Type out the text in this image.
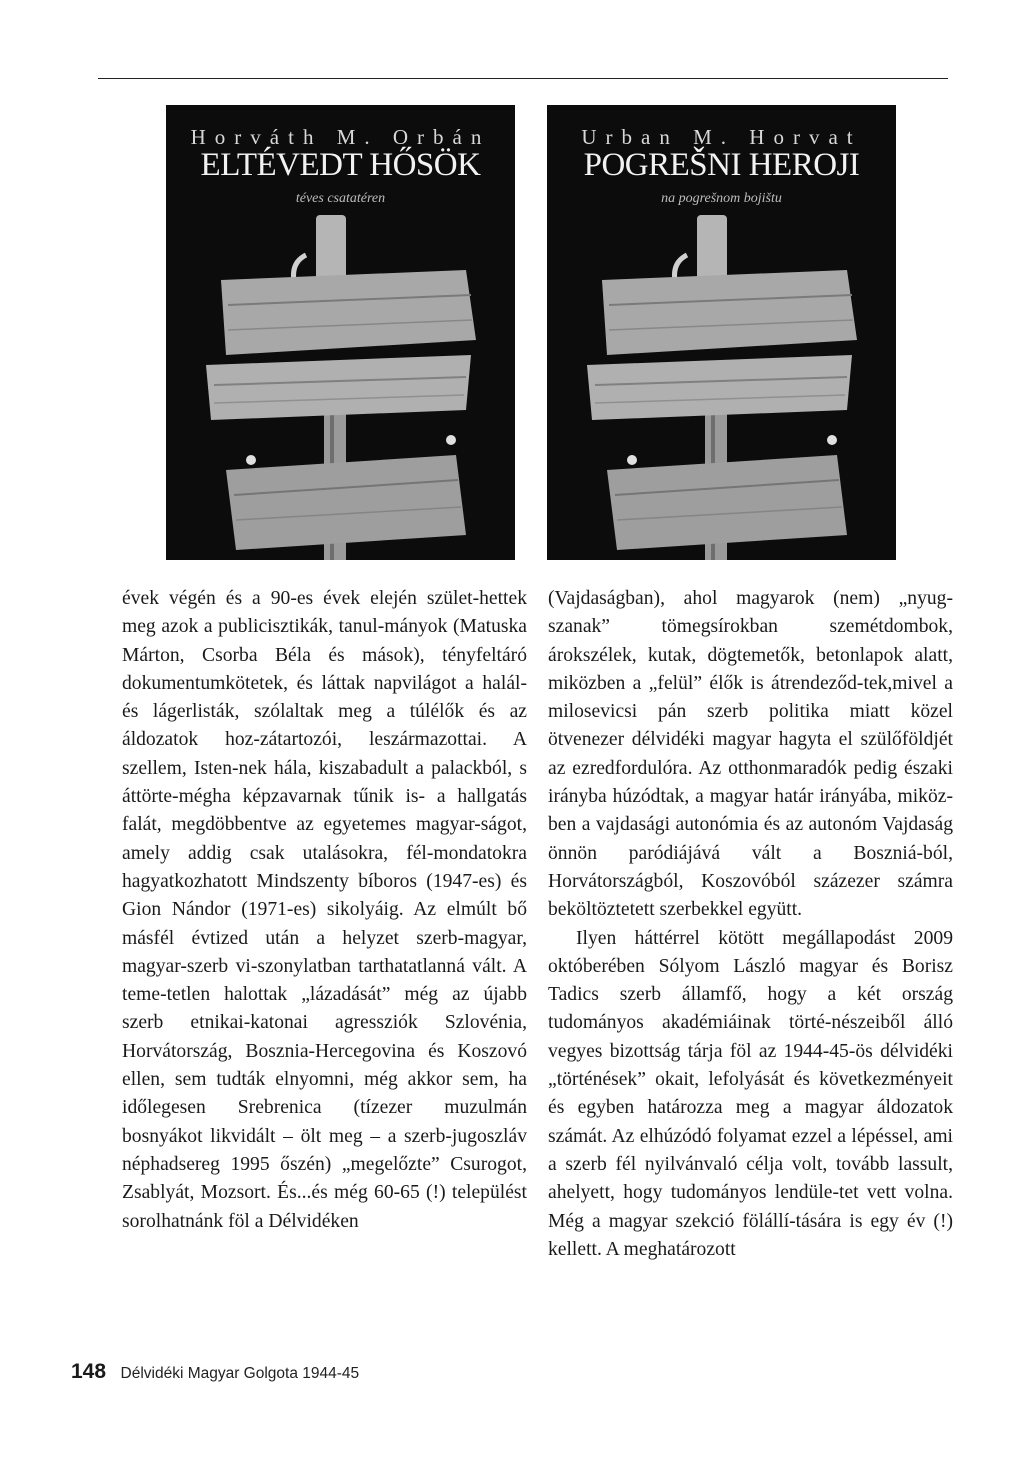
Horváth M. Orbán
ELTÉVEDT HŐSÖK
téves csatatéren
Urban M. Horvat
POGREŠNI HEROJI
na pogrešnom bojištu

évek végén és a 90-es évek elején szület-hettek meg azok a publicisztikák, tanul-mányok (Matuska Márton, Csorba Béla és mások), tényfeltáró dokumentumkötetek, és láttak napvilágot a halál- és lágerlisták, szólaltak meg a túlélők és az áldozatok hoz-zátartozói, leszármazottai. A szellem, Isten-nek hála, kiszabadult a palackból, s áttörte-mégha képzavarnak tűnik is- a hallgatás falát, megdöbbentve az egyetemes magyar-ságot, amely addig csak utalásokra, fél-mondatokra hagyatkozhatott Mindszenty bíboros (1947-es) és Gion Nándor (1971-es) sikolyáig. Az elmúlt bő másfél évtized után a helyzet szerb-magyar, magyar-szerb vi-szonylatban tarthatatlanná vált. A teme-tetlen halottak „lázadását” még az újabb szerb etnikai-katonai agressziók Szlovénia, Horvátország, Bosznia-Hercegovina és Koszovó ellen, sem tudták elnyomni, még akkor sem, ha időlegesen Srebrenica (tízezer muzulmán bosnyákot likvidált – ölt meg – a szerb-jugoszláv néphadsereg 1995 őszén) „megelőzte” Csurogot, Zsablyát, Mozsort. És...és még 60-65 (!) települést sorolhatnánk föl a Délvidéken

(Vajdaságban), ahol magyarok (nem) „nyug-szanak” tömegsírokban szemétdombok, árokszélek, kutak, dögtemetők, betonlapok alatt, miközben a „felül” élők is átrendeződ-tek,mivel a milosevicsi pán szerb politika miatt közel ötvenezer délvidéki magyar hagyta el szülőföldjét az ezredfordulóra. Az otthonmaradók pedig északi irányba húzódtak, a magyar határ irányába, miköz-ben a vajdasági autonómia és az autonóm Vajdaság önnön paródiájává vált a Boszniá-ból, Horvátországból, Koszovóból százezer számra beköltöztetett szerbekkel együtt.

Ilyen háttérrel kötött megállapodást 2009 októberében Sólyom László magyar és Borisz Tadics szerb államfő, hogy a két ország tudományos akadémiáinak törté-nészeiből álló vegyes bizottság tárja föl az 1944-45-ös délvidéki „történések” okait, lefolyását és következményeit és egyben határozza meg a magyar áldozatok számát. Az elhúzódó folyamat ezzel a lépéssel, ami a szerb fél nyilvánvaló célja volt, tovább lassult, ahelyett, hogy tudományos lendüle-tet vett volna. Még a magyar szekció fölállí-tására is egy év (!) kellett. A meghatározott

148 Délvidéki Magyar Golgota 1944-45
